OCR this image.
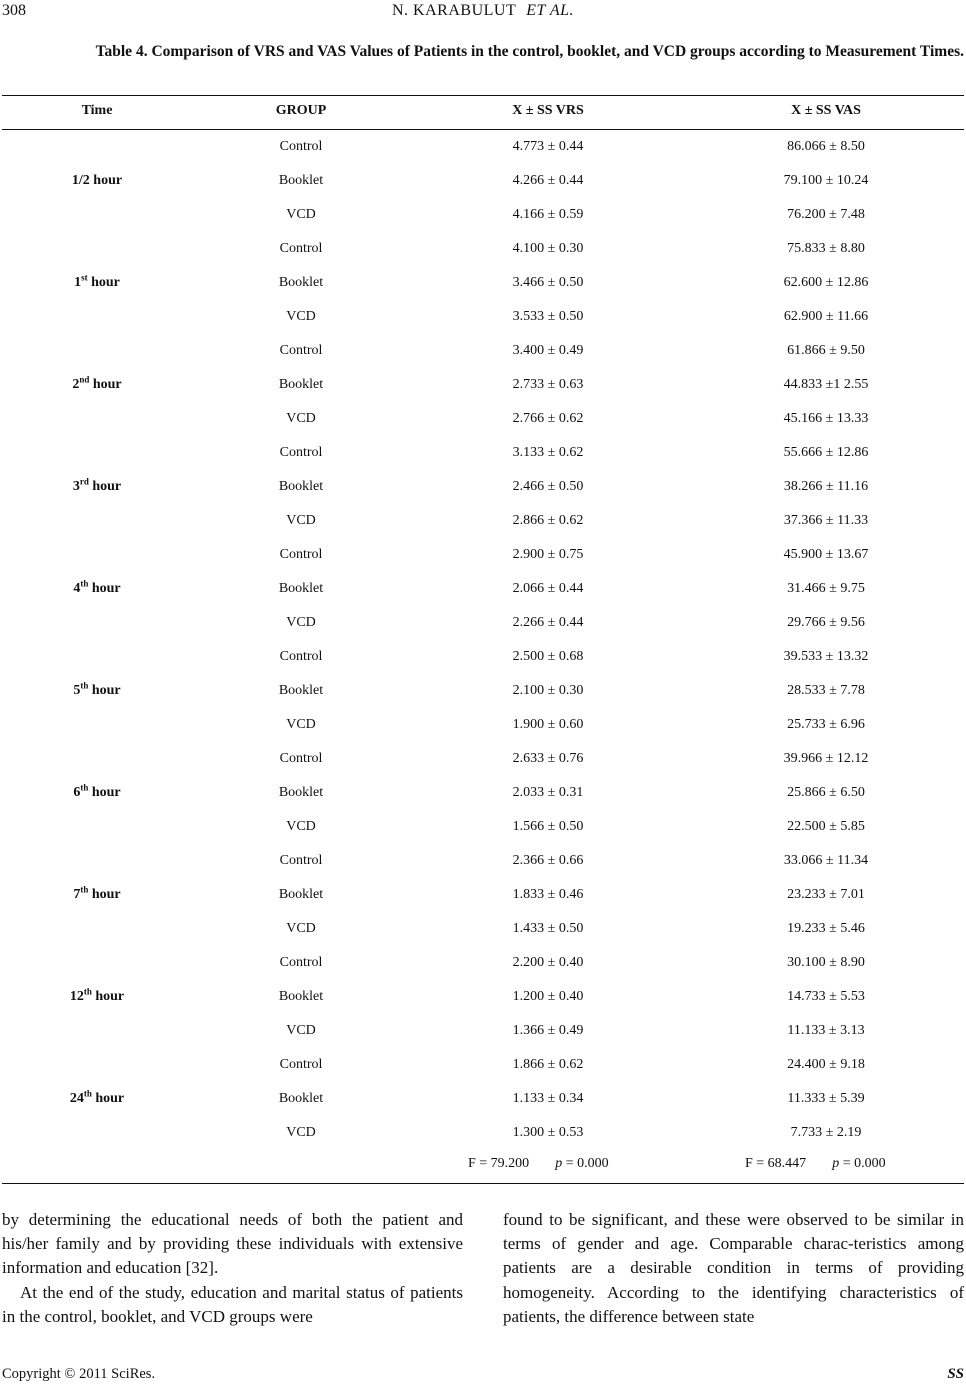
308	N. KARABULUT ET AL.
Table 4. Comparison of VRS and VAS Values of Patients in the control, booklet, and VCD groups according to Measurement Times.
Time	GROUP	X ± SS VRS	X ± SS VAS
1/2 hour
Control	4.773 ± 0.44	86.066 ± 8.50
Booklet	4.266 ± 0.44	79.100 ± 10.24
VCD	4.166 ± 0.59	76.200 ± 7.48
1st hour
Control	4.100 ± 0.30	75.833 ± 8.80
Booklet	3.466 ± 0.50	62.600 ± 12.86
VCD	3.533 ± 0.50	62.900 ± 11.66
2nd hour
Control	3.400 ± 0.49	61.866 ± 9.50
Booklet	2.733 ± 0.63	44.833 ±1 2.55
VCD	2.766 ± 0.62	45.166 ± 13.33
3rd hour
Control	3.133 ± 0.62	55.666 ± 12.86
Booklet	2.466 ± 0.50	38.266 ± 11.16
VCD	2.866 ± 0.62	37.366 ± 11.33
4th hour
Control	2.900 ± 0.75	45.900 ± 13.67
Booklet	2.066 ± 0.44	31.466 ± 9.75
VCD	2.266 ± 0.44	29.766 ± 9.56
5th hour
Control	2.500 ± 0.68	39.533 ± 13.32
Booklet	2.100 ± 0.30	28.533 ± 7.78
VCD	1.900 ± 0.60	25.733 ± 6.96
6th hour
Control	2.633 ± 0.76	39.966 ± 12.12
Booklet	2.033 ± 0.31	25.866 ± 6.50
VCD	1.566 ± 0.50	22.500 ± 5.85
7th hour
Control	2.366 ± 0.66	33.066 ± 11.34
Booklet	1.833 ± 0.46	23.233 ± 7.01
VCD	1.433 ± 0.50	19.233 ± 5.46
12th hour
Control	2.200 ± 0.40	30.100 ± 8.90
Booklet	1.200 ± 0.40	14.733 ± 5.53
VCD	1.366 ± 0.49	11.133 ± 3.13
24th hour
Control	1.866 ± 0.62	24.400 ± 9.18
Booklet	1.133 ± 0.34	11.333 ± 5.39
VCD	1.300 ± 0.53	7.733 ± 2.19
F = 79.200 p = 0.000	F = 68.447 p = 0.000

by determining the educational needs of both the patient and his/her family and by providing these individuals with extensive information and education [32].

At the end of the study, education and marital status of patients in the control, booklet, and VCD groups were

found to be significant, and these were observed to be similar in terms of gender and age. Comparable charac-teristics among patients are a desirable condition in terms of providing homogeneity. According to the identifying characteristics of patients, the difference between state

Copyright © 2011 SciRes.	SS
